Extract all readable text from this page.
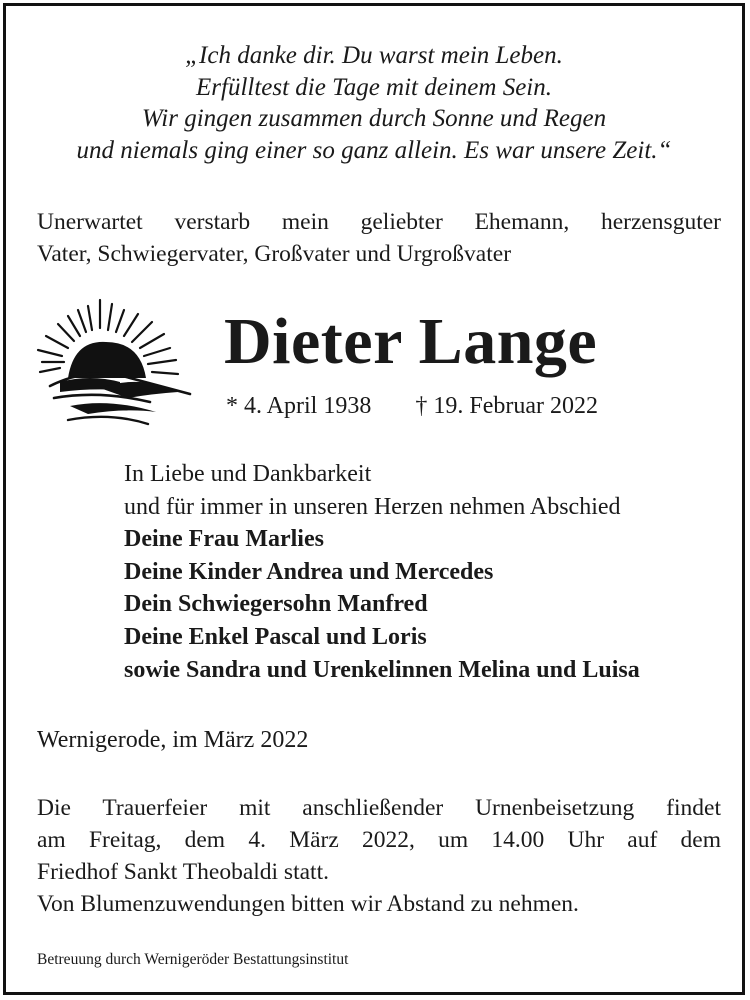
„Ich danke dir. Du warst mein Leben.
Erfülltest die Tage mit deinem Sein.
Wir gingen zusammen durch Sonne und Regen
und niemals ging einer so ganz allein. Es war unsere Zeit.“
Unerwartet verstarb mein geliebter Ehemann, herzensguter
Vater, Schwiegervater, Großvater und Urgroßvater
Dieter Lange
* 4. April 1938 † 19. Februar 2022
In Liebe und Dankbarkeit
und für immer in unseren Herzen nehmen Abschied
Deine Frau Marlies
Deine Kinder Andrea und Mercedes
Dein Schwiegersohn Manfred
Deine Enkel Pascal und Loris
sowie Sandra und Urenkelinnen Melina und Luisa
Wernigerode, im März 2022
Die Trauerfeier mit anschließender Urnenbeisetzung findet
am Freitag, dem 4. März 2022, um 14.00 Uhr auf dem
Friedhof Sankt Theobaldi statt.
Von Blumenzuwendungen bitten wir Abstand zu nehmen.
Betreuung durch Wernigeröder Bestattungsinstitut
